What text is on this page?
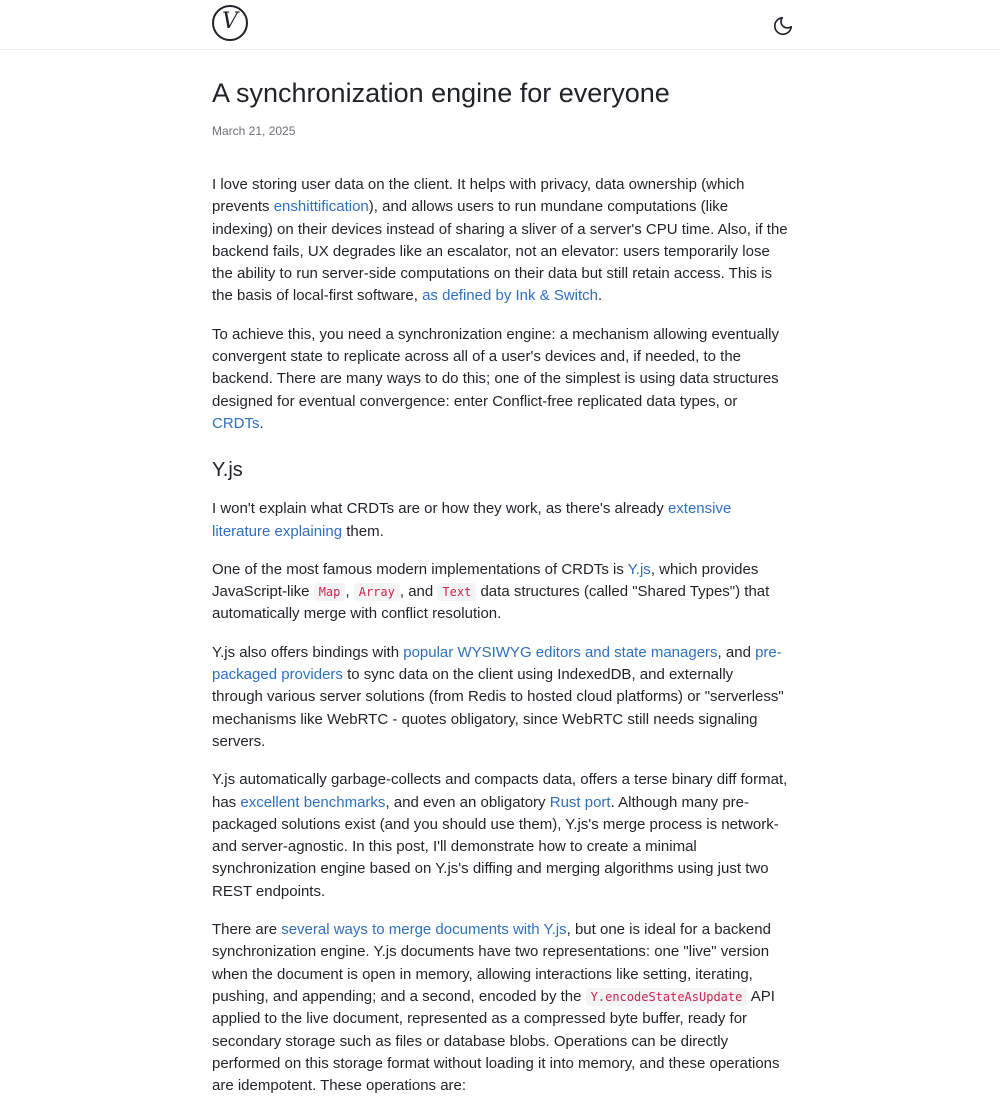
V
A synchronization engine for everyone
March 21, 2025

I love storing user data on the client. It helps with privacy, data ownership (which prevents enshittification), and allows users to run mundane computations (like indexing) on their devices instead of sharing a sliver of a server's CPU time. Also, if the backend fails, UX degrades like an escalator, not an elevator: users temporarily lose the ability to run server-side computations on their data but still retain access. This is the basis of local-first software, as defined by Ink & Switch.

To achieve this, you need a synchronization engine: a mechanism allowing eventually convergent state to replicate across all of a user's devices and, if needed, to the backend. There are many ways to do this; one of the simplest is using data structures designed for eventual convergence: enter Conflict-free replicated data types, or CRDTs.

Y.js

I won't explain what CRDTs are or how they work, as there's already extensive literature explaining them.

One of the most famous modern implementations of CRDTs is Y.js, which provides JavaScript-like Map , Array , and Text data structures (called "Shared Types") that automatically merge with conflict resolution.

Y.js also offers bindings with popular WYSIWYG editors and state managers, and pre-packaged providers to sync data on the client using IndexedDB, and externally through various server solutions (from Redis to hosted cloud platforms) or "serverless" mechanisms like WebRTC - quotes obligatory, since WebRTC still needs signaling servers.

Y.js automatically garbage-collects and compacts data, offers a terse binary diff format, has excellent benchmarks, and even an obligatory Rust port. Although many pre-packaged solutions exist (and you should use them), Y.js's merge process is network- and server-agnostic. In this post, I'll demonstrate how to create a minimal synchronization engine based on Y.js's diffing and merging algorithms using just two REST endpoints.

There are several ways to merge documents with Y.js, but one is ideal for a backend synchronization engine. Y.js documents have two representations: one "live" version when the document is open in memory, allowing interactions like setting, iterating, pushing, and appending; and a second, encoded by the Y.encodeStateAsUpdate API applied to the live document, represented as a compressed byte buffer, ready for secondary storage such as files or database blobs. Operations can be directly performed on this storage format without loading it into memory, and these operations are idempotent. These operations are:
